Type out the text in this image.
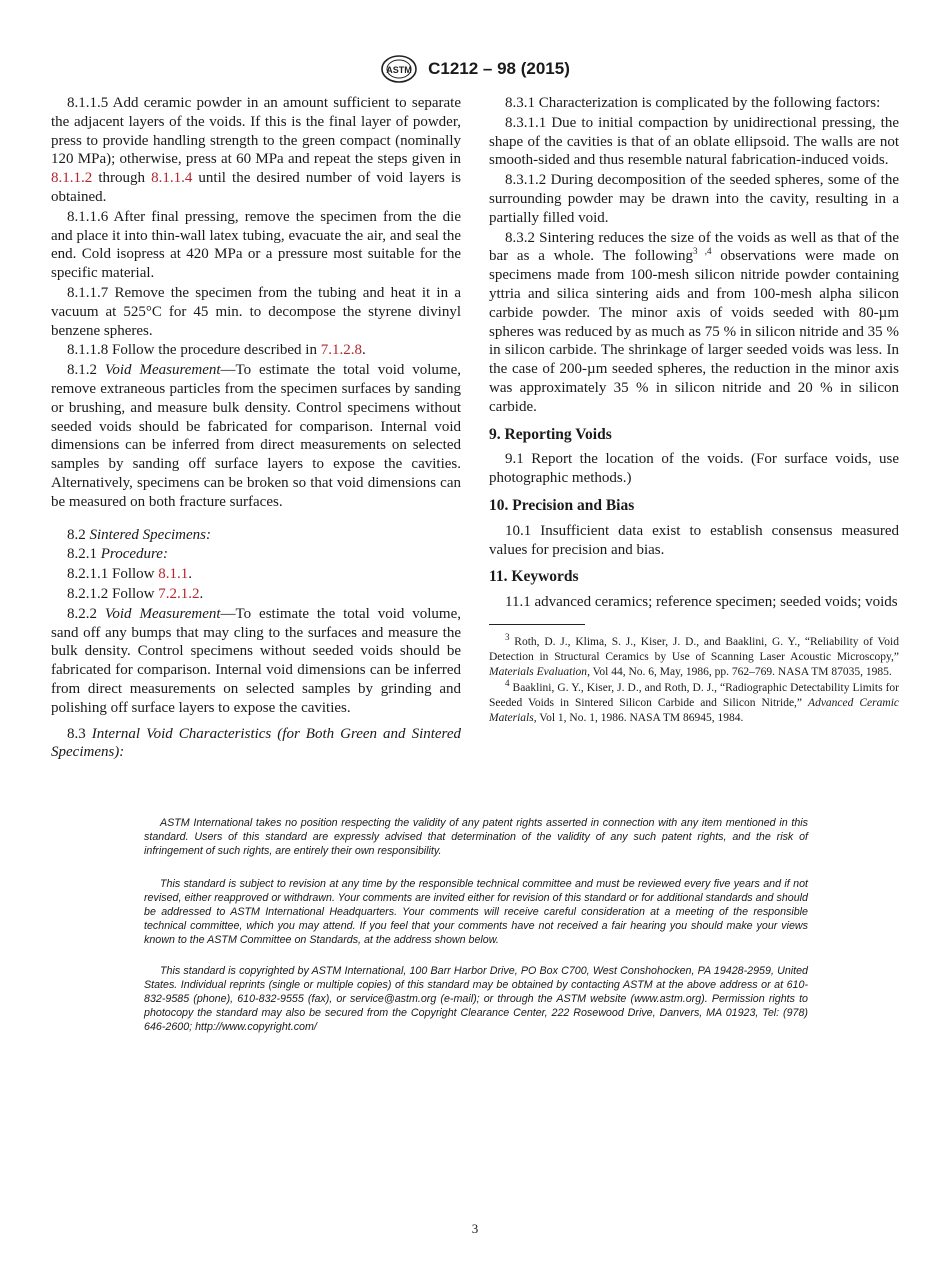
ASTM C1212 – 98 (2015)

8.1.1.5 Add ceramic powder in an amount sufficient to separate the adjacent layers of the voids. If this is the final layer of powder, press to provide handling strength to the green compact (nominally 120 MPa); otherwise, press at 60 MPa and repeat the steps given in 8.1.1.2 through 8.1.1.4 until the desired number of void layers is obtained.

8.1.1.6 After final pressing, remove the specimen from the die and place it into thin-wall latex tubing, evacuate the air, and seal the end. Cold isopress at 420 MPa or a pressure most suitable for the specific material.

8.1.1.7 Remove the specimen from the tubing and heat it in a vacuum at 525°C for 45 min. to decompose the styrene divinyl benzene spheres.

8.1.1.8 Follow the procedure described in 7.1.2.8.

8.1.2 Void Measurement—To estimate the total void volume, remove extraneous particles from the specimen surfaces by sanding or brushing, and measure bulk density. Control specimens without seeded voids should be fabricated for comparison. Internal void dimensions can be inferred from direct measurements on selected samples by sanding off surface layers to expose the cavities. Alternatively, specimens can be broken so that void dimensions can be measured on both fracture surfaces.

8.2 Sintered Specimens:

8.2.1 Procedure:

8.2.1.1 Follow 8.1.1.

8.2.1.2 Follow 7.2.1.2.

8.2.2 Void Measurement—To estimate the total void volume, sand off any bumps that may cling to the surfaces and measure the bulk density. Control specimens without seeded voids should be fabricated for comparison. Internal void dimensions can be inferred from direct measurements on selected samples by grinding and polishing off surface layers to expose the cavities.

8.3 Internal Void Characteristics (for Both Green and Sintered Specimens):

8.3.1 Characterization is complicated by the following factors:

8.3.1.1 Due to initial compaction by unidirectional pressing, the shape of the cavities is that of an oblate ellipsoid. The walls are not smooth-sided and thus resemble natural fabrication-induced voids.

8.3.1.2 During decomposition of the seeded spheres, some of the surrounding powder may be drawn into the cavity, resulting in a partially filled void.

8.3.2 Sintering reduces the size of the voids as well as that of the bar as a whole. The following$^{3 ,4}$ observations were made on specimens made from 100-mesh silicon nitride powder containing yttria and silica sintering aids and from 100-mesh alpha silicon carbide powder. The minor axis of voids seeded with 80-µm spheres was reduced by as much as 75 % in silicon nitride and 35 % in silicon carbide. The shrinkage of larger seeded voids was less. In the case of 200-µm seeded spheres, the reduction in the minor axis was approximately 35 % in silicon nitride and 20 % in silicon carbide.

9. Reporting Voids

9.1 Report the location of the voids. (For surface voids, use photographic methods.)

10. Precision and Bias

10.1 Insufficient data exist to establish consensus measured values for precision and bias.

11. Keywords

11.1 advanced ceramics; reference specimen; seeded voids; voids

$^3$ Roth, D. J., Klima, S. J., Kiser, J. D., and Baaklini, G. Y., “Reliability of Void Detection in Structural Ceramics by Use of Scanning Laser Acoustic Microscopy,” Materials Evaluation, Vol 44, No. 6, May, 1986, pp. 762–769. NASA TM 87035, 1985.

$^4$ Baaklini, G. Y., Kiser, J. D., and Roth, D. J., “Radiographic Detectability Limits for Seeded Voids in Sintered Silicon Carbide and Silicon Nitride,” Advanced Ceramic Materials, Vol 1, No. 1, 1986. NASA TM 86945, 1984.

ASTM International takes no position respecting the validity of any patent rights asserted in connection with any item mentioned in this standard. Users of this standard are expressly advised that determination of the validity of any such patent rights, and the risk of infringement of such rights, are entirely their own responsibility.

This standard is subject to revision at any time by the responsible technical committee and must be reviewed every five years and if not revised, either reapproved or withdrawn. Your comments are invited either for revision of this standard or for additional standards and should be addressed to ASTM International Headquarters. Your comments will receive careful consideration at a meeting of the responsible technical committee, which you may attend. If you feel that your comments have not received a fair hearing you should make your views known to the ASTM Committee on Standards, at the address shown below.

This standard is copyrighted by ASTM International, 100 Barr Harbor Drive, PO Box C700, West Conshohocken, PA 19428-2959, United States. Individual reprints (single or multiple copies) of this standard may be obtained by contacting ASTM at the above address or at 610-832-9585 (phone), 610-832-9555 (fax), or service@astm.org (e-mail); or through the ASTM website (www.astm.org). Permission rights to photocopy the standard may also be secured from the Copyright Clearance Center, 222 Rosewood Drive, Danvers, MA 01923, Tel: (978) 646-2600; http://www.copyright.com/

3
